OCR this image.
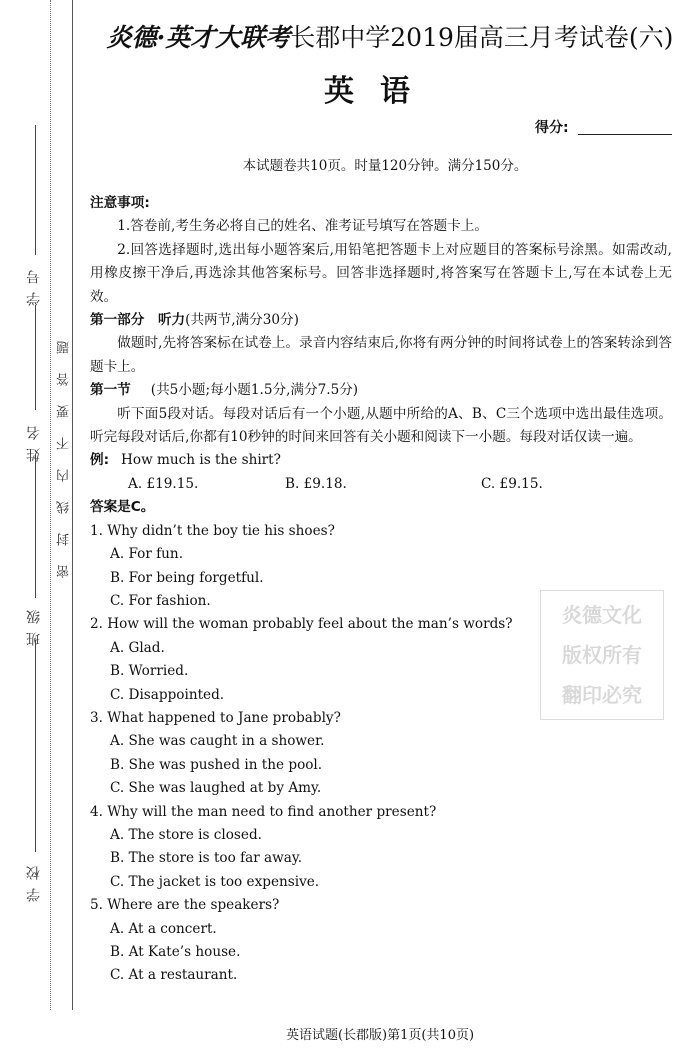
学号
姓名
班级
学校
密封线内不要答题
炎德·英才大联考长郡中学2019届高三月考试卷(六)
英语
得分:
本试题卷共10页。时量120分钟。满分150分。

注意事项:

1.答卷前,考生务必将自己的姓名、准考证号填写在答题卡上。

2.回答选择题时,选出每小题答案后,用铅笔把答题卡上对应题目的答案标号涂黑。如需改动,用橡皮擦干净后,再选涂其他答案标号。回答非选择题时,将答案写在答题卡上,写在本试卷上无效。

第一部分　听力(共两节,满分30分)

做题时,先将答案标在试卷上。录音内容结束后,你将有两分钟的时间将试卷上的答案转涂到答题卡上。

第一节 (共5小题;每小题1.5分,满分7.5分)

听下面5段对话。每段对话后有一个小题,从题中所给的A、B、C三个选项中选出最佳选项。听完每段对话后,你都有10秒钟的时间来回答有关小题和阅读下一小题。每段对话仅读一遍。

例: How much is the shirt?

A. £19.15.	B. £9.18.	C. £9.15.

答案是C。

1. Why didn’t the boy tie his shoes?

A. For fun.

B. For being forgetful.

C. For fashion.

2. How will the woman probably feel about the man’s words?

A. Glad.

B. Worried.

C. Disappointed.

3. What happened to Jane probably?

A. She was caught in a shower.

B. She was pushed in the pool.

C. She was laughed at by Amy.

4. Why will the man need to find another present?

A. The store is closed.

B. The store is too far away.

C. The jacket is too expensive.

5. Where are the speakers?

A. At a concert.

B. At Kate’s house.

C. At a restaurant.

炎德文化
版权所有
翻印必究
英语试题(长郡版)第1页(共10页)
